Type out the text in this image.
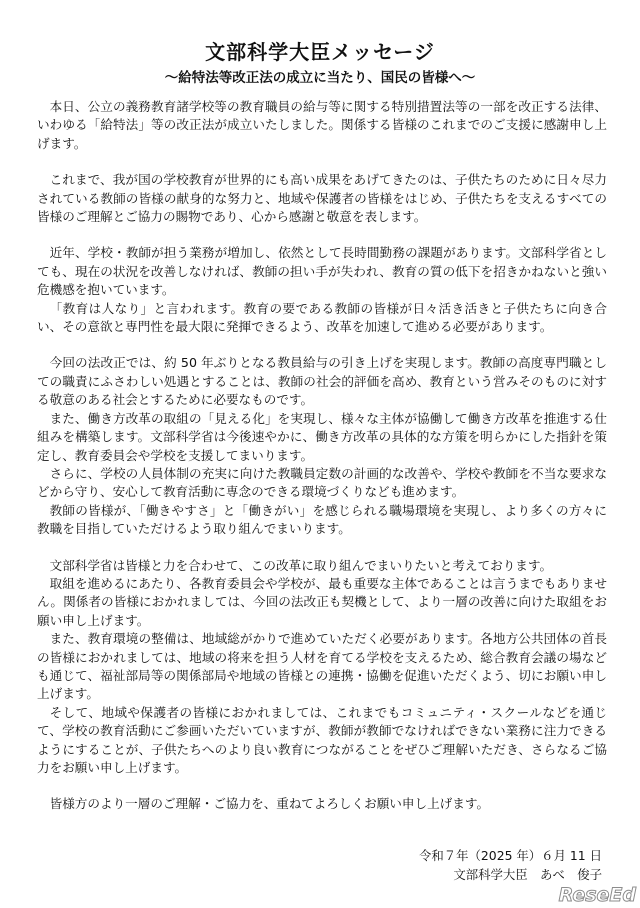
文部科学大臣メッセージ

～給特法等改正法の成立に当たり、国民の皆様へ～

本日、公立の義務教育諸学校等の教育職員の給与等に関する特別措置法等の一部を改正する法律、いわゆる「給特法」等の改正法が成立いたしました。関係する皆様のこれまでのご支援に感謝申し上げます。

これまで、我が国の学校教育が世界的にも高い成果をあげてきたのは、子供たちのために日々尽力されている教師の皆様の献身的な努力と、地域や保護者の皆様をはじめ、子供たちを支えるすべての皆様のご理解とご協力の賜物であり、心から感謝と敬意を表します。

近年、学校・教師が担う業務が増加し、依然として長時間勤務の課題があります。文部科学省としても、現在の状況を改善しなければ、教師の担い手が失われ、教育の質の低下を招きかねないと強い危機感を抱いています。

「教育は人なり」と言われます。教育の要である教師の皆様が日々活き活きと子供たちに向き合い、その意欲と専門性を最大限に発揮できるよう、改革を加速して進める必要があります。

今回の法改正では、約 50 年ぶりとなる教員給与の引き上げを実現します。教師の高度専門職としての職責にふさわしい処遇とすることは、教師の社会的評価を高め、教育という営みそのものに対する敬意のある社会とするために必要なものです。

また、働き方改革の取組の「見える化」を実現し、様々な主体が協働して働き方改革を推進する仕組みを構築します。文部科学省は今後速やかに、働き方改革の具体的な方策を明らかにした指針を策定し、教育委員会や学校を支援してまいります。

さらに、学校の人員体制の充実に向けた教職員定数の計画的な改善や、学校や教師を不当な要求などから守り、安心して教育活動に専念のできる環境づくりなども進めます。

教師の皆様が、「働きやすさ」と「働きがい」を感じられる職場環境を実現し、より多くの方々に教職を目指していただけるよう取り組んでまいります。

文部科学省は皆様と力を合わせて、この改革に取り組んでまいりたいと考えております。

取組を進めるにあたり、各教育委員会や学校が、最も重要な主体であることは言うまでもありません。関係者の皆様におかれましては、今回の法改正も契機として、より一層の改善に向けた取組をお願い申し上げます。

また、教育環境の整備は、地域総がかりで進めていただく必要があります。各地方公共団体の首長の皆様におかれましては、地域の将来を担う人材を育てる学校を支えるため、総合教育会議の場なども通じて、福祉部局等の関係部局や地域の皆様との連携・協働を促進いただくよう、切にお願い申し上げます。

そして、地域や保護者の皆様におかれましては、これまでもコミュニティ・スクールなどを通じて、学校の教育活動にご参画いただいていますが、教師が教師でなければできない業務に注力できるようにすることが、子供たちへのより良い教育につながることをぜひご理解いただき、さらなるご協力をお願い申し上げます。

皆様方のより一層のご理解・ご協力を、重ねてよろしくお願い申し上げます。

令和７年（2025 年）６月 11 日
文部科学大臣　あべ　俊子
ReseEd
